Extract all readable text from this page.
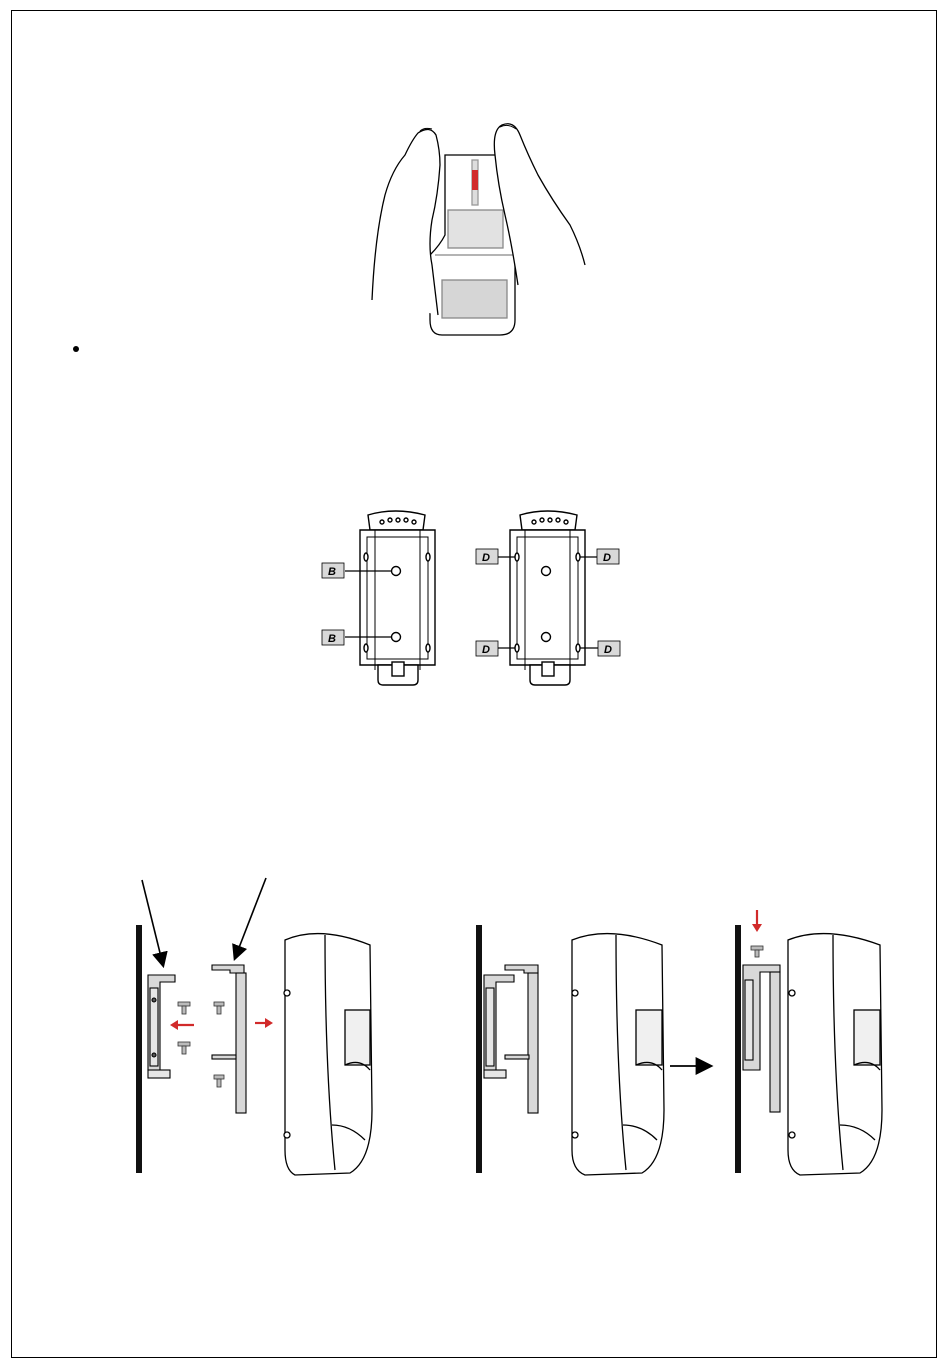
B
B
D	D
D	D
